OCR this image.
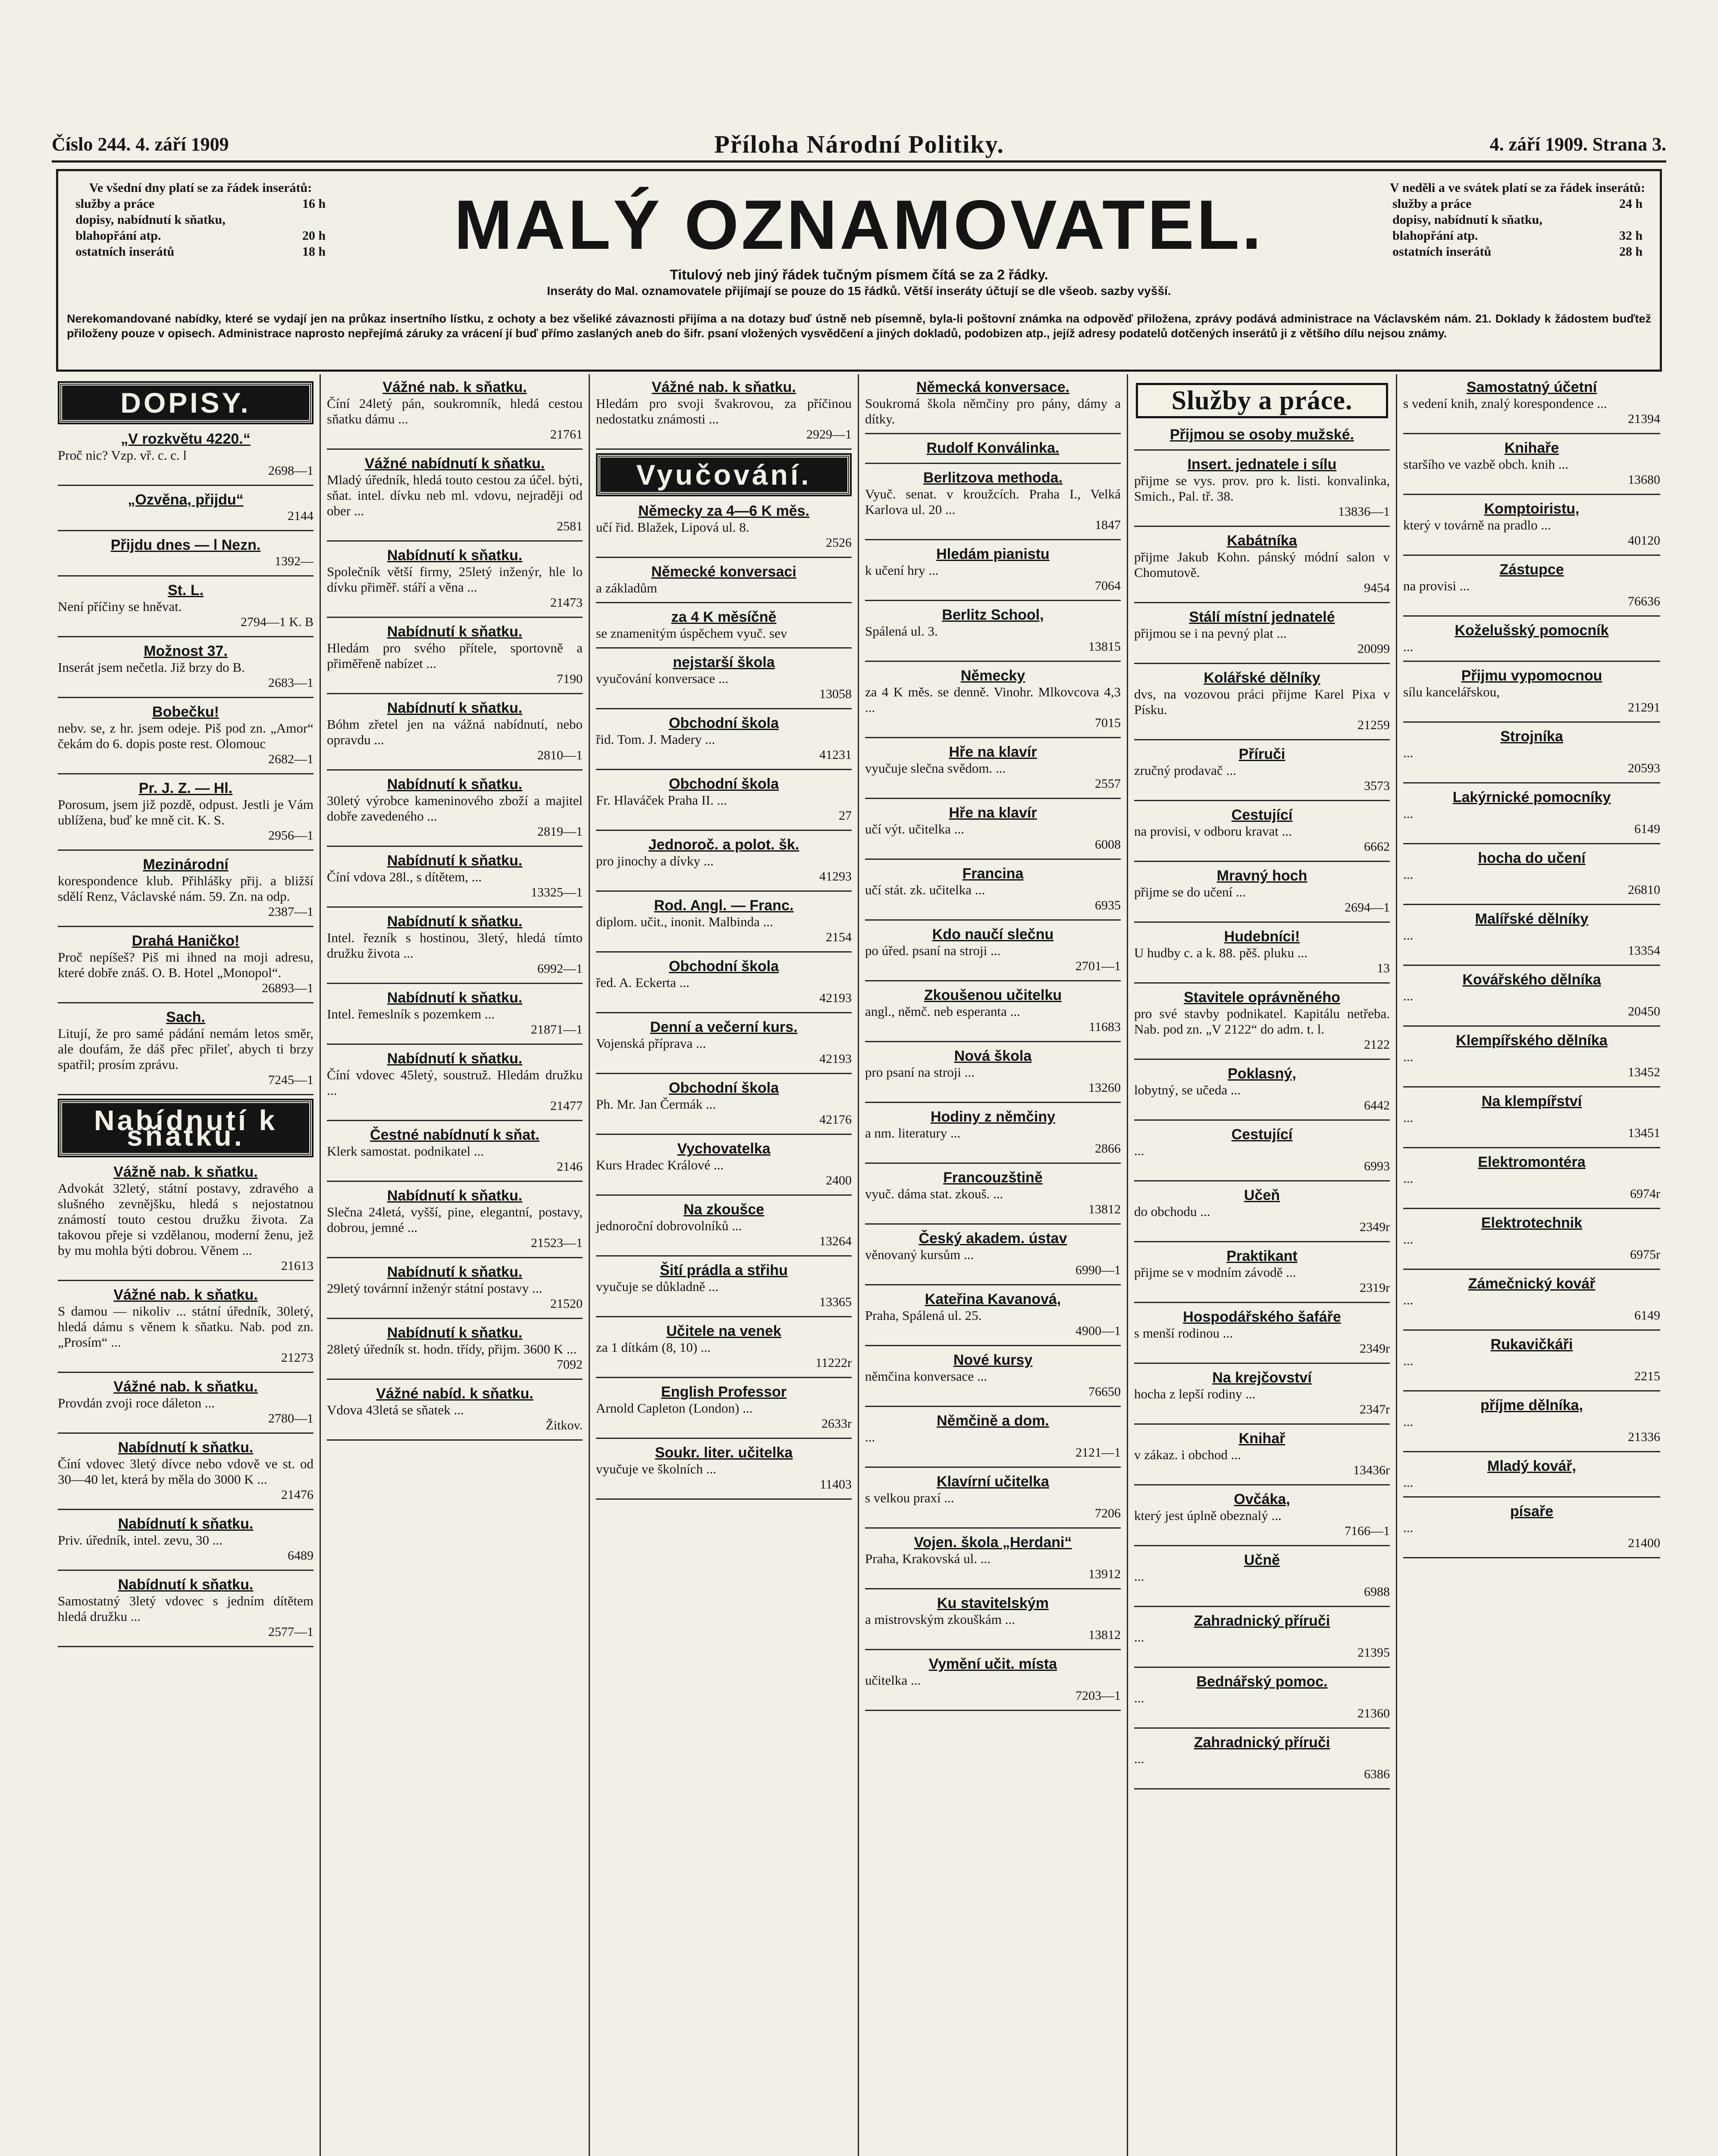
Číslo 244. 4. září 1909	Příloha Národní Politiky.	4. září 1909. Strana 3.
Ve všední dny platí se za řádek inserátů:
služby a práce	16 h
dopisy, nabídnutí k sňatku,
blahopřání atp.	20 h
ostatních inserátů	18 h	MALÝ OZNAMOVATEL.
Titulový neb jiný řádek tučným písmem čítá se za 2 řádky.
Inseráty do Mal. oznamovatele přijímají se pouze do 15 řádků. Větší inseráty účtují se dle všeob. sazby vyšší.
V neděli a ve svátek platí se za řádek inserátů:
služby a práce	24 h
dopisy, nabídnutí k sňatku,
blahopřání atp.	32 h
ostatních inserátů	28 h
Nerekomandované nabídky, které se vydají jen na průkaz insertního lístku, z ochoty a bez všeliké závaznosti přijíma a na dotazy buď ústně neb písemně, byla-li poštovní známka na odpověď přiložena, zprávy podává administrace na Václavském nám. 21. Doklady k žádostem buďtež přiloženy pouze v opisech. Administrace naprosto nepřejímá záruky za vrácení jí buď přímo zaslaných aneb do šifr. psaní vložených vysvědčení a jiných dokladů, podobizen atp., jejíž adresy podatelů dotčených inserátů ji z většího dílu nejsou známy.
DOPISY.
„V rozkvětu 4220.“
Proč nic? Vzp. vř. c. c. l
2698—1
„Ozvěna, přijdu“
2144
Přijdu dnes — l Nezn.
1392—
St. L.
Není příčiny se hněvat.
2794—1 K. B
Možnost 37.
Inserát jsem nečetla. Již brzy do B.
2683—1
Bobečku!
nebv. se, z hr. jsem odeje. Piš pod zn. „Amor“ čekám do 6. dopis poste rest. Olomouc
2682—1
Pr. J. Z. — Hl.
Porosum, jsem již pozdě, odpust. Jestli je Vám ublížena, buď ke mně cit. K. S.
2956—1
Mezinárodní
korespondence klub. Přihlášky přij. a bližší sdělí Renz, Václavské nám. 59. Zn. na odp.
2387—1
Drahá Haničko!
Proč nepíšeš? Piš mi ihned na moji adresu, které dobře znáš. O. B. Hotel „Monopol“.
26893—1
Sach.
Litují, že pro samé pádání nemám letos směr, ale doufám, že dáš přec přileť, abych ti brzy spatřil; prosím zprávu.
7245—1
Nabídnutí k sňatku.
Vážně nab. k sňatku.
Advokát 32letý, státní postavy, zdravého a slušného zevnějšku, hledá s nejostatnou známostí touto cestou družku života. Za takovou přeje si vzdělanou, moderní ženu, jež by mu mohla býti dobrou. Věnem ...
21613
Vážné nab. k sňatku.
S damou — nikoliv ... státní úředník, 30letý, hledá dámu s věnem k sňatku. Nab. pod zn. „Prosím“ ...
21273
Vážné nab. k sňatku.
Provdán zvoji roce dáleton ...
2780—1
Nabídnutí k sňatku.
Číní vdovec 3letý dívce nebo vdově ve st. od 30—40 let, která by měla do 3000 K ...
21476
Nabídnutí k sňatku.
Priv. úředník, intel. zevu, 30 ...
6489
Nabídnutí k sňatku.
Samostatný 3letý vdovec s jedním dítětem hledá družku ...
2577—1
Vážné nab. k sňatku.
Číní 24letý pán, soukromník, hledá cestou sňatku dámu ...
21761
Vážné nabídnutí k sňatku.
Mladý úředník, hledá touto cestou za účel. býti, sňat. intel. dívku neb ml. vdovu, nejraději od ober ...
2581
Nabídnutí k sňatku.
Společník větší firmy, 25letý inženýr, hle lo dívku přiměř. stáří a věna ...
21473
Nabídnutí k sňatku.
Hledám pro svého přítele, sportovně a přiměřeně nabízet ...
7190
Nabídnutí k sňatku.
Bóhm zřetel jen na vážná nabídnutí, nebo opravdu ...
2810—1
Nabídnutí k sňatku.
30letý výrobce kameninového zboží a majitel dobře zavedeného ...
2819—1
Nabídnutí k sňatku.
Číní vdova 28l., s dítětem, ...
13325—1
Nabídnutí k sňatku.
Intel. řezník s hostinou, 3letý, hledá tímto družku života ...
6992—1
Nabídnutí k sňatku.
Intel. řemeslník s pozemkem ...
21871—1
Nabídnutí k sňatku.
Číní vdovec 45letý, soustruž. Hledám družku ...
21477
Čestné nabídnutí k sňat.
Klerk samostat. podnikatel ...
2146
Nabídnutí k sňatku.
Slečna 24letá, vyšší, pine, elegantní, postavy, dobrou, jemné ...
21523—1
Nabídnutí k sňatku.
29letý továrnní inženýr státní postavy ...
21520
Nabídnutí k sňatku.
28letý úředník st. hodn. třídy, přijm. 3600 K ...
7092
Vážné nabíd. k sňatku.
Vdova 43letá se sňatek ...
Žitkov.
Vážné nab. k sňatku.
Hledám pro svoji švakrovou, za příčinou nedostatku známosti ...
2929—1
Vyučování.
Německy za 4—6 K měs.
učí řid. Blažek, Lipová ul. 8.
2526
Německé konversaci
a základům
za 4 K měsíčně
se znamenitým úspěchem vyuč. sev
nejstarší škola
vyučování konversace ...
13058
Obchodní škola
řid. Tom. J. Madery ...
41231
Obchodní škola
Fr. Hlaváček Praha II. ...
27
Jednoroč. a polot. šk.
pro jinochy a dívky ...
41293
Rod. Angl. — Franc.
diplom. učit., inonit. Malbinda ...
2154
Obchodní škola
řed. A. Eckerta ...
42193
Denní a večerní kurs.
Vojenská příprava ...
42193
Obchodní škola
Ph. Mr. Jan Čermák ...
42176
Vychovatelka
Kurs Hradec Králové ...
2400
Na zkoušce
jednoroční dobrovolníků ...
13264
Šití prádla a střihu
vyučuje se důkladně ...
13365
Učitele na venek
za 1 dítkám (8, 10) ...
11222r
English Professor
Arnold Capleton (London) ...
2633r
Soukr. liter. učitelka
vyučuje ve školních ...
11403
Německá konversace.
Soukromá škola němčiny pro pány, dámy a dítky.
Rudolf Konválinka.
Berlitzova methoda.
Vyuč. senat. v kroužcích. Praha I., Velká Karlova ul. 20 ...
1847
Hledám pianistu
k učení hry ...
7064
Berlitz School,
Spálená ul. 3.
13815
Německy
za 4 K měs. se denně. Vinohr. Mlkovcova 4,3 ...
7015
Hře na klavír
vyučuje slečna svědom. ...
2557
Hře na klavír
učí výt. učitelka ...
6008
Francina
učí stát. zk. učitelka ...
6935
Kdo naučí slečnu
po úřed. psaní na stroji ...
2701—1
Zkoušenou učitelku
angl., němč. neb esperanta ...
11683
Nová škola
pro psaní na stroji ...
13260
Hodiny z němčiny
a nm. literatury ...
2866
Francouzštině
vyuč. dáma stat. zkouš. ...
13812
Český akadem. ústav
věnovaný kursům ...
6990—1
Kateřina Kavanová,
Praha, Spálená ul. 25.
4900—1
Nové kursy
němčina konversace ...
76650
Němčině a dom.
...
2121—1
Klavírní učitelka
s velkou praxí ...
7206
Vojen. škola „Herdani“
Praha, Krakovská ul. ...
13912
Ku stavitelským
a mistrovským zkouškám ...
13812
Vymění učit. místa
učitelka ...
7203—1
Služby a práce.
Přijmou se osoby mužské.
Insert. jednatele i sílu
přijme se vys. prov. pro k. listi. konvalinka, Smich., Pal. tř. 38.
13836—1
Kabátníka
přijme Jakub Kohn. pánský módní salon v Chomutově.
9454
Stálí místní jednatelé
přijmou se i na pevný plat ...
20099
Kolářské dělníky
dvs, na vozovou práci přijme Karel Pixa v Písku.
21259
Příruči
zručný prodavač ...
3573
Cestující
na provisi, v odboru kravat ...
6662
Mravný hoch
přijme se do učení ...
2694—1
Hudebníci!
U hudby c. a k. 88. pěš. pluku ...
13
Stavitele oprávněného
pro své stavby podnikatel. Kapitálu netřeba. Nab. pod zn. „V 2122“ do adm. t. l.
2122
Poklasný,
lobytný, se učeda ...
6442
Cestující
...
6993
Učeň
do obchodu ...
2349r
Praktikant
přijme se v modním závodě ...
2319r
Hospodářského šafáře
s menší rodinou ...
2349r
Na krejčovství
hocha z lepší rodiny ...
2347r
Knihař
v zákaz. i obchod ...
13436r
Ovčáka,
který jest úplně obeznalý ...
7166—1
Učně
...
6988
Zahradnický příruči
...
21395
Bednářský pomoc.
...
21360
Zahradnický příruči
...
6386
Samostatný účetní
s vedení knih, znalý korespondence ...
21394
Knihaře
staršího ve vazbě obch. knih ...
13680
Komptoiristu,
který v továrně na pradlo ...
40120
Zástupce
na provisi ...
76636
Koželušský pomocník
...
Přijmu vypomocnou
sílu kancelářskou,
21291
Strojníka
...
20593
Lakýrnické pomocníky
...
6149
hocha do učení
...
26810
Malířské dělníky
...
13354
Kovářského dělníka
...
20450
Klempířského dělníka
...
13452
Na klempířství
...
13451
Elektromontéra
...
6974r
Elektrotechnik
...
6975r
Zámečnický kovář
...
6149
Rukavičkáři
...
2215
příjme dělníka,
...
21336
Mladý kovář,
...
písaře
...
21400
